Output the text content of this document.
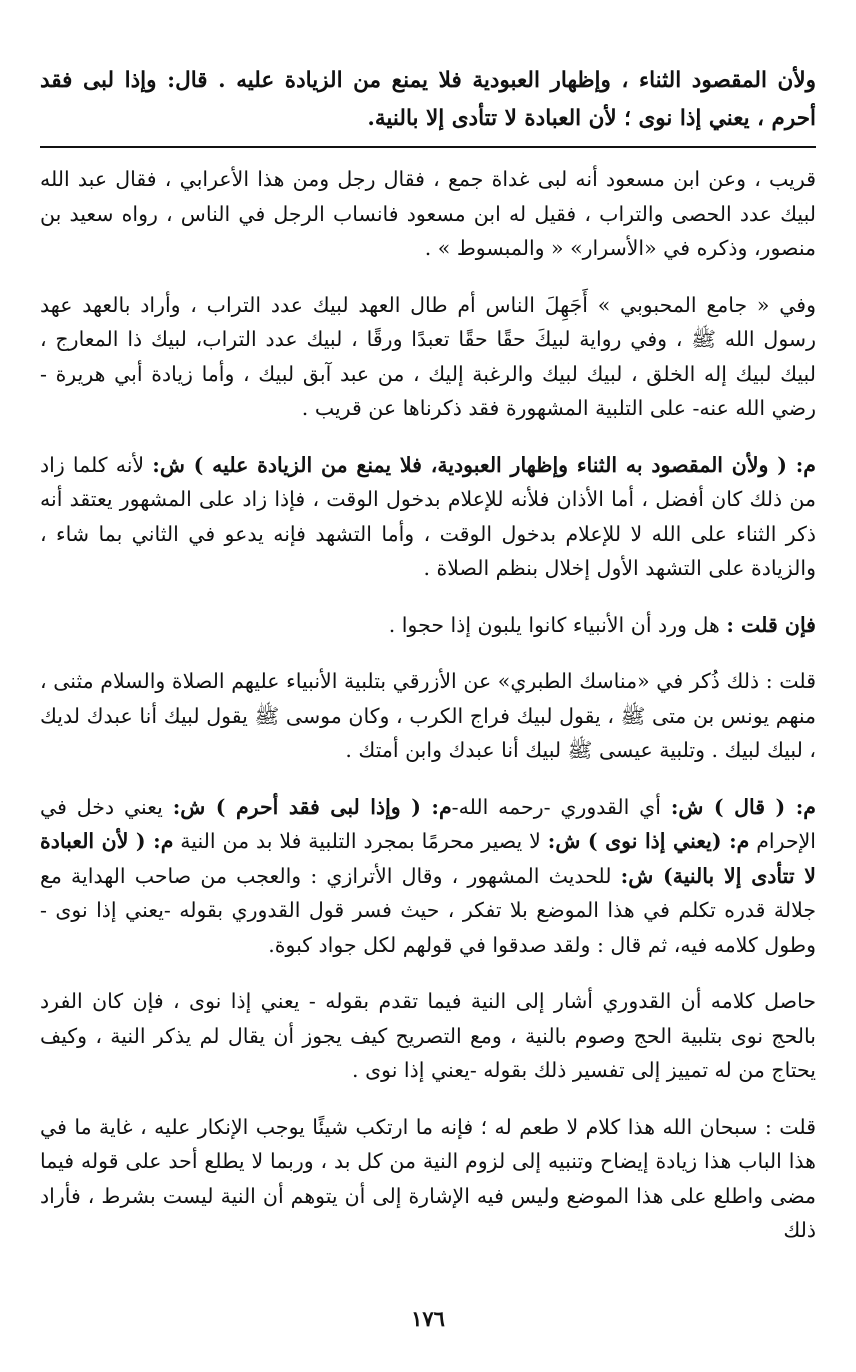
ولأن المقصود الثناء ، وإظهار العبودية فلا يمنع من الزيادة عليه . قال: وإذا لبى فقد أحرم ، يعني إذا نوى ؛ لأن العبادة لا تتأدى إلا بالنية.

قريب ، وعن ابن مسعود أنه لبى غداة جمع ، فقال رجل ومن هذا الأعرابي ، فقال عبد الله لبيك عدد الحصى والتراب ، فقيل له ابن مسعود فانساب الرجل في الناس ، رواه سعيد بن منصور، وذكره في «الأسرار» « والمبسوط » .

وفي « جامع المحبوبي » أَجَهِلَ الناس أم طال العهد لبيك عدد التراب ، وأراد بالعهد عهد رسول الله ﷺ ، وفي رواية لبيكَ حقًا حقًا تعبدًا ورقًا ، لبيك عدد التراب، لبيك ذا المعارج ، لبيك لبيك إله الخلق ، لبيك لبيك والرغبة إليك ، من عبد آبق لبيك ، وأما زيادة أبي هريرة - رضي الله عنه- على التلبية المشهورة فقد ذكرناها عن قريب .

م: ( ولأن المقصود به الثناء وإظهار العبودية، فلا يمنع من الزيادة عليه ) ش: لأنه كلما زاد من ذلك كان أفضل ، أما الأذان فلأنه للإعلام بدخول الوقت ، فإذا زاد على المشهور يعتقد أنه ذكر الثناء على الله لا للإعلام بدخول الوقت ، وأما التشهد فإنه يدعو في الثاني بما شاء ، والزيادة على التشهد الأول إخلال بنظم الصلاة .

فإن قلت : هل ورد أن الأنبياء كانوا يلبون إذا حجوا .

قلت : ذلك ذُكر في «مناسك الطبري» عن الأزرقي بتلبية الأنبياء عليهم الصلاة والسلام مثنى ، منهم يونس بن متى ﷺ ، يقول لبيك فراج الكرب ، وكان موسى ﷺ يقول لبيك أنا عبدك لديك ، لبيك لبيك . وتلبية عيسى ﷺ لبيك أنا عبدك وابن أمتك .

م: ( قال ) ش: أي القدوري -رحمه الله-م: ( وإذا لبى فقد أحرم ) ش: يعني دخل في الإحرام م: (يعني إذا نوى ) ش: لا يصير محرمًا بمجرد التلبية فلا بد من النية م: ( لأن العبادة لا تتأدى إلا بالنية) ش: للحديث المشهور ، وقال الأترازي : والعجب من صاحب الهداية مع جلالة قدره تكلم في هذا الموضع بلا تفكر ، حيث فسر قول القدوري بقوله -يعني إذا نوى - وطول كلامه فيه، ثم قال : ولقد صدقوا في قولهم لكل جواد كبوة.

حاصل كلامه أن القدوري أشار إلى النية فيما تقدم بقوله - يعني إذا نوى ، فإن كان الفرد بالحج نوى بتلبية الحج وصوم بالنية ، ومع التصريح كيف يجوز أن يقال لم يذكر النية ، وكيف يحتاج من له تمييز إلى تفسير ذلك بقوله -يعني إذا نوى .

قلت : سبحان الله هذا كلام لا طعم له ؛ فإنه ما ارتكب شيئًا يوجب الإنكار عليه ، غاية ما في هذا الباب هذا زيادة إيضاح وتنبيه إلى لزوم النية من كل بد ، وربما لا يطلع أحد على قوله فيما مضى واطلع على هذا الموضع وليس فيه الإشارة إلى أن يتوهم أن النية ليست بشرط ، فأراد ذلك

١٧٦
